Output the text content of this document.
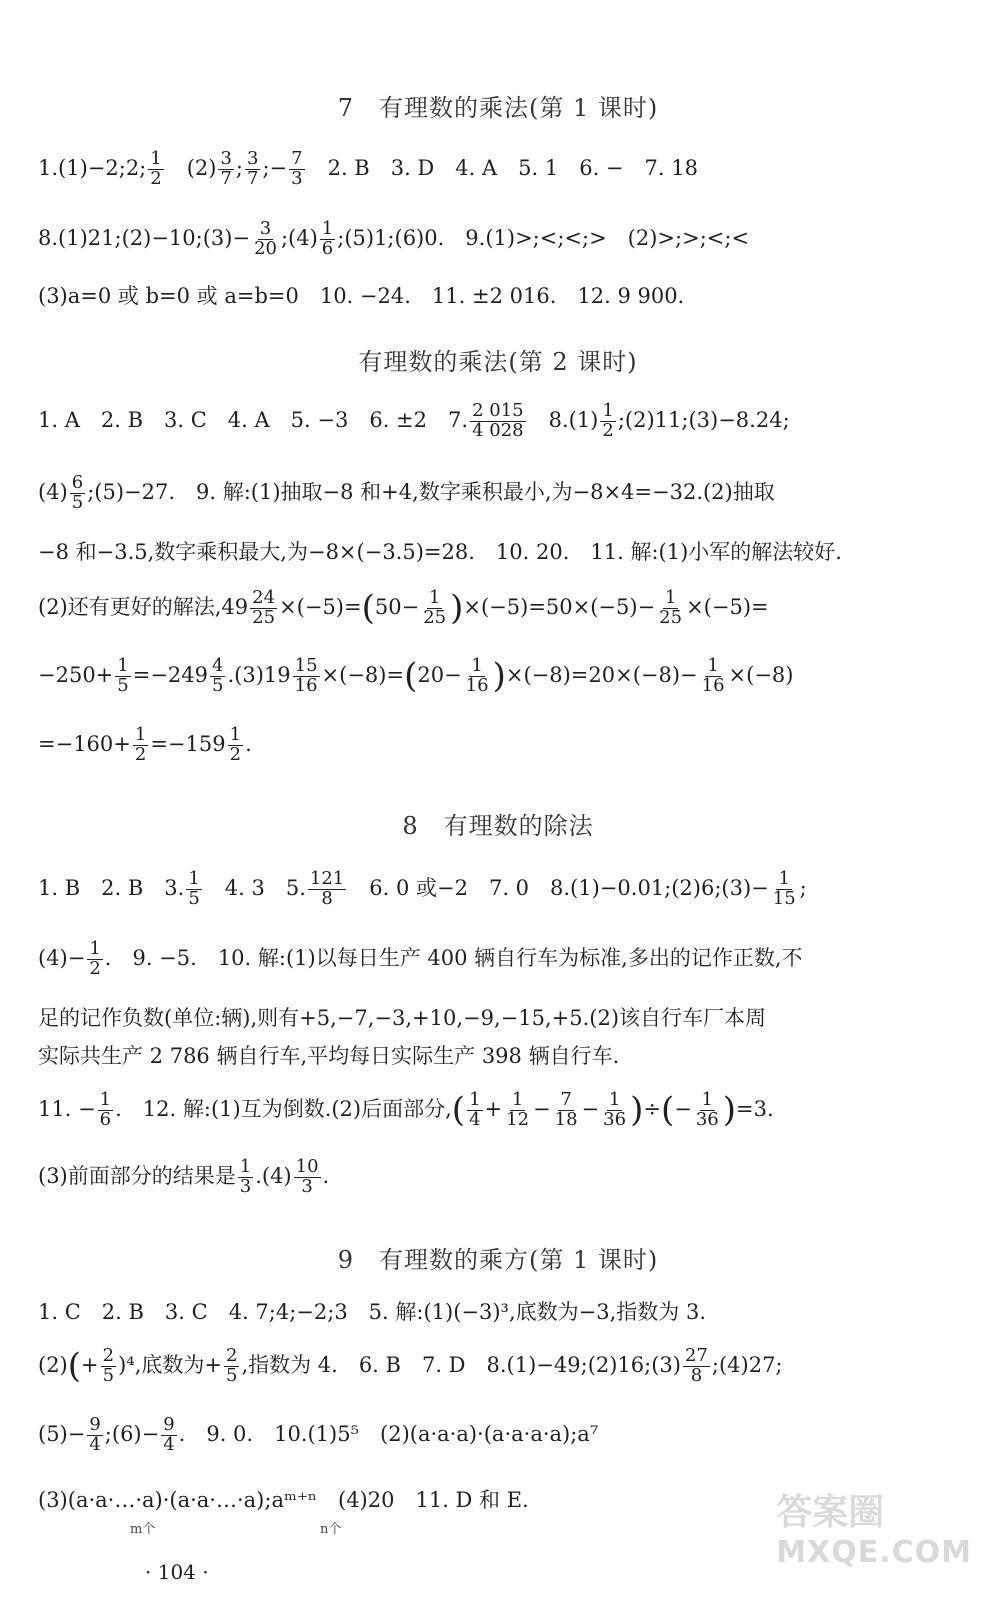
7　有理数的乘法(第 1 课时)
1.(1)−2;2; $\frac{1}{2}$ 　$(2) \frac{3}{7}$ ; $\frac{3}{7}$ ;− $\frac{7}{3}$ 　2. B　3. D　4. A　5. 1　6. −　7. 18
8.(1)21;(2)−10;(3)− $\frac{3}{20}$ ;(4) $\frac{1}{6}$ ;(5)1;(6)0.　9.(1)>;<;<;>　(2)>;>;<;<
(3)a=0 或 b=0 或 a=b=0　10. −24.　11. ±2 016.　12. 9 900.
有理数的乘法(第 2 课时)
1. A　2. B　3. C　4. A　5. −3　6. ±2　7. $\frac{2 015}{4 028}$ 　$8.(1) \frac{1}{2}$ ;(2)11;(3)−8.24;
$(4) \frac{6}{5}$ ;(5)−27.　9. 解:(1)抽取−8 和+4,数字乘积最小,为−8×4=−32.(2)抽取
−8 和−3.5,数字乘积最大,为−8×(−3.5)=28.　10. 20.　11. 解:(1)小军的解法较好.
(2)还有更好的解法$,49 \frac{24}{25} \times(-5)=(50- \frac{1}{25} )\times(-5)=50\times(-5)- \frac{1}{25} \times(-5)=$
$-250+ \frac{1}{5} =-249 \frac{4}{5} .(3)19 \frac{15}{16} \times(-8)=(20- \frac{1}{16} )\times(-8)=20\times(-8)- \frac{1}{16} \times(-8)$
$=-160+ \frac{1}{2} =-159 \frac{1}{2}$ .
8　有理数的除法
1. B　2. B　3. $\frac{1}{5}$ 　4. 3　5. $\frac{121}{8}$ 　6. 0 或−2　7. 0　8.(1)−0.01;(2)6;(3)− $\frac{1}{15}$ ;
$(4)- \frac{1}{2}$ .　9. −5.　10. 解:(1)以每日生产 400 辆自行车为标准,多出的记作正数,不
足的记作负数(单位:辆),则有+5,−7,−3,+10,−9,−15,+5.(2)该自行车厂本周
实际共生产 2 786 辆自行车,平均每日实际生产 398 辆自行车.
11. − $\frac{1}{6}$ .　12. 解:(1)互为倒数.(2)后面部分,( $\frac{1}{4} + \frac{1}{12} - \frac{7}{18} - \frac{1}{36}$ )÷(− $\frac{1}{36} )=3$.
(3)前面部分的结果是 $\frac{1}{3} .(4) \frac{10}{3}$ .
9　有理数的乘方(第 1 课时)
1. C　2. B　3. C　4. 7;4;−2;3　5. 解:(1)(−3)³,底数为−3,指数为 3.
$(2)(+ \frac{2}{5} )^4$,底数为+ $\frac{2}{5}$ ,指数为 4.　6. B　7. D　8.(1)−49;(2)16;(3) $\frac{27}{8}$ ;(4)27;
$(5)- \frac{9}{4}$ ;(6)− $\frac{9}{4}$ .　9. 0.　10.(1)5⁵　(2)(a·a·a)·(a·a·a·a);a⁷
(3)(a·a·…·a)·(a·a·…·a);aᵐ⁺ⁿ　(4)20　11. D 和 E.
m个	n个
· 104 ·
答案圈
MXQE.COM
